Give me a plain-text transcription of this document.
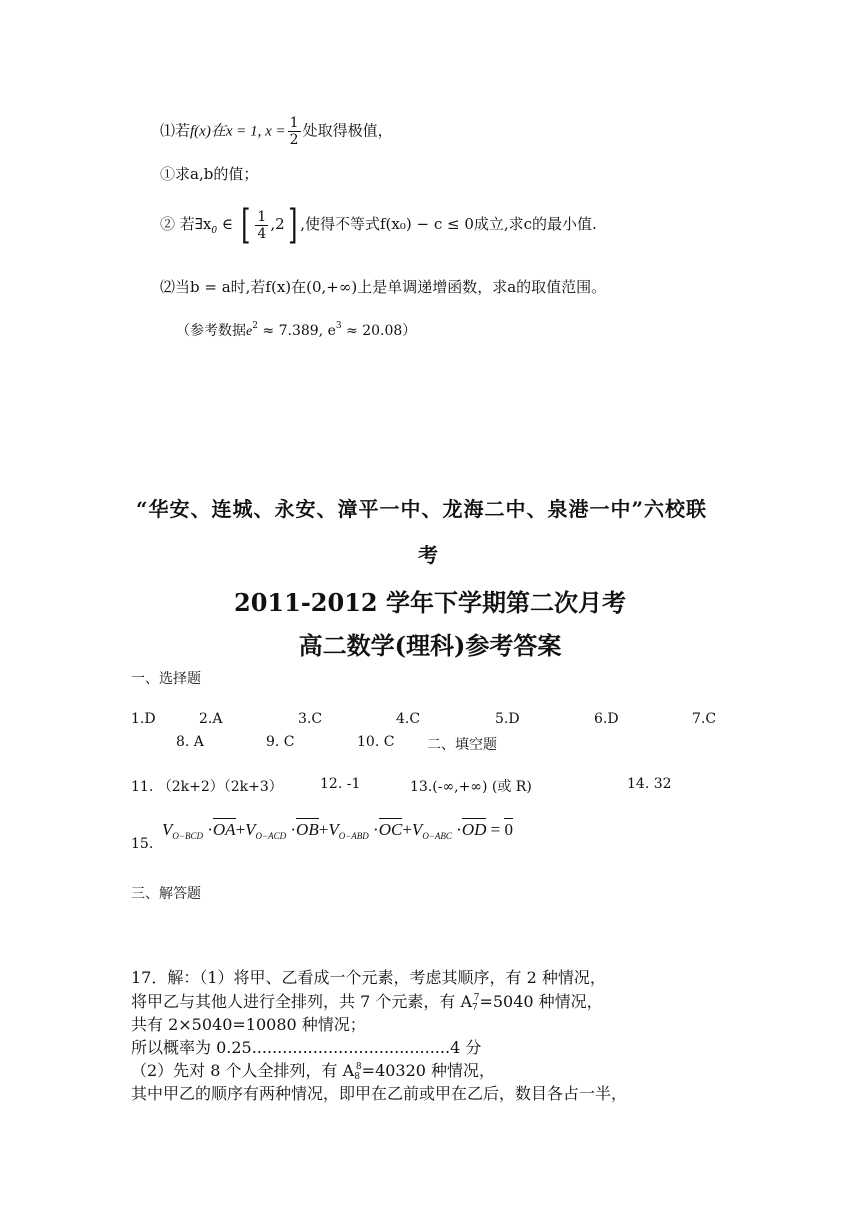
⑴若f(x)在x = 1, $x = \frac{1}{2}$ 处取得极值，
①求a,b的值；
② 若$\exists x_0$ ∈ [ $\frac{1}{4} ,2$] ,使得不等式f(x₀) − c ≤ 0成立,求c的最小值.
⑵当b = a时,若f(x)在(0,+∞)上是单调递增函数，求a的取值范围。
（参考数据$e^2 \approx 7.389$, $e^3 \approx 20.08$）
“华安、连城、永安、漳平一中、龙海二中、泉港一中”六校联
考
2011-2012 学年下学期第二次月考
高二数学(理科)参考答案
一、选择题
1.D	2.A	3.C	4.C	5.D	6.D	7.C
8. A	9. C	10. C 二、填空题
11. （2k+2）（2k+3）	12. -1	13.(-∞,+∞) (或 R)	14. 32
15.
$V_{O-BCD} \cdot OA+V_{O-ACD} \cdot OB+V_{O-ABD} \cdot OC+V_{O-ABC} \cdot OD = 0$
三、解答题
17．解：（1）将甲、乙看成一个元素，考虑其顺序，有 2 种情况，
将甲乙与其他人进行全排列，共 7 个元素，有 $A7^7=5040$ 种情况，
共有 2×5040=10080 种情况；
所以概率为 0.25.......................................4 分
（2）先对 8 个人全排列，有 $A8^8=40320$ 种情况，
其中甲乙的顺序有两种情况，即甲在乙前或甲在乙后，数目各占一半，
